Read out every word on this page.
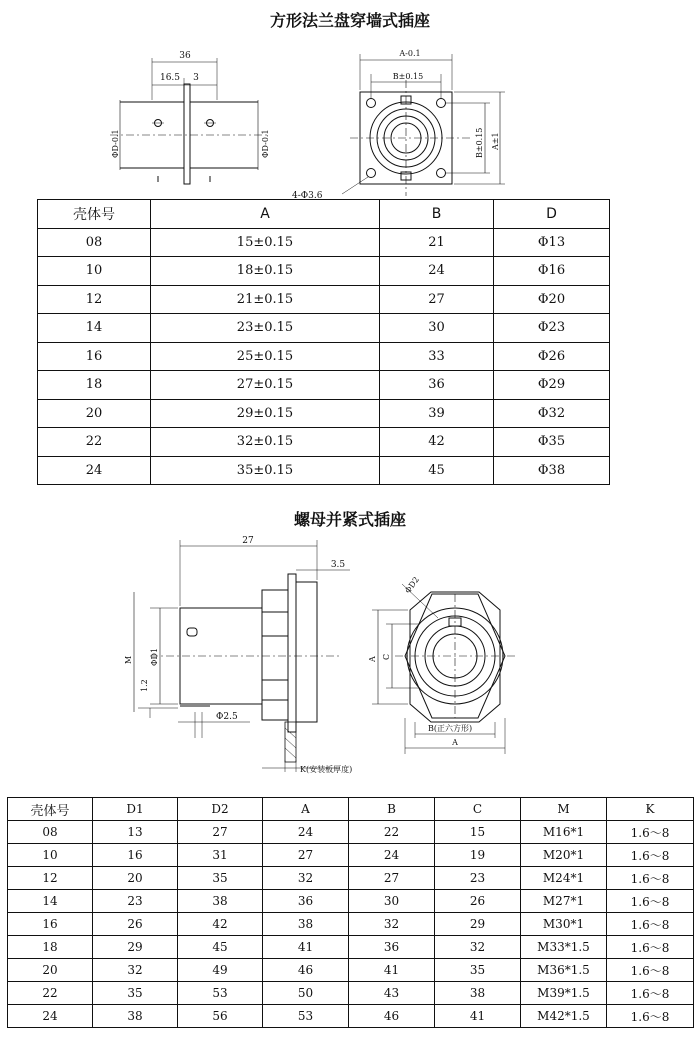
方形法兰盘穿墙式插座
36
16.5 3
ΦD-0.1	ΦD-0.1
A-0.1
B±0.15
B±0.15 A±1
4-Φ3.6
壳体号	A	B	D
08	15±0.15	21	Φ13
10	18±0.15	24	Φ16
12	21±0.15	27	Φ20
14	23±0.15	30	Φ23
16	25±0.15	33	Φ26
18	27±0.15	36	Φ29
20	29±0.15	39	Φ32
22	32±0.15	42	Φ35
24	35±0.15	45	Φ38
螺母并紧式插座
27
3.5
M ΦD1
1.2
Φ2.5
K(安装板厚度)
ΦD2
A C
B(正六方形)
A
壳体号	D1	D2	A	B	C	M	K
08	13	27	24	22	15	M16*1	1.6～8
10	16	31	27	24	19	M20*1	1.6～8
12	20	35	32	27	23	M24*1	1.6～8
14	23	38	36	30	26	M27*1	1.6～8
16	26	42	38	32	29	M30*1	1.6～8
18	29	45	41	36	32	M33*1.5	1.6～8
20	32	49	46	41	35	M36*1.5	1.6～8
22	35	53	50	43	38	M39*1.5	1.6～8
24	38	56	53	46	41	M42*1.5	1.6～8
